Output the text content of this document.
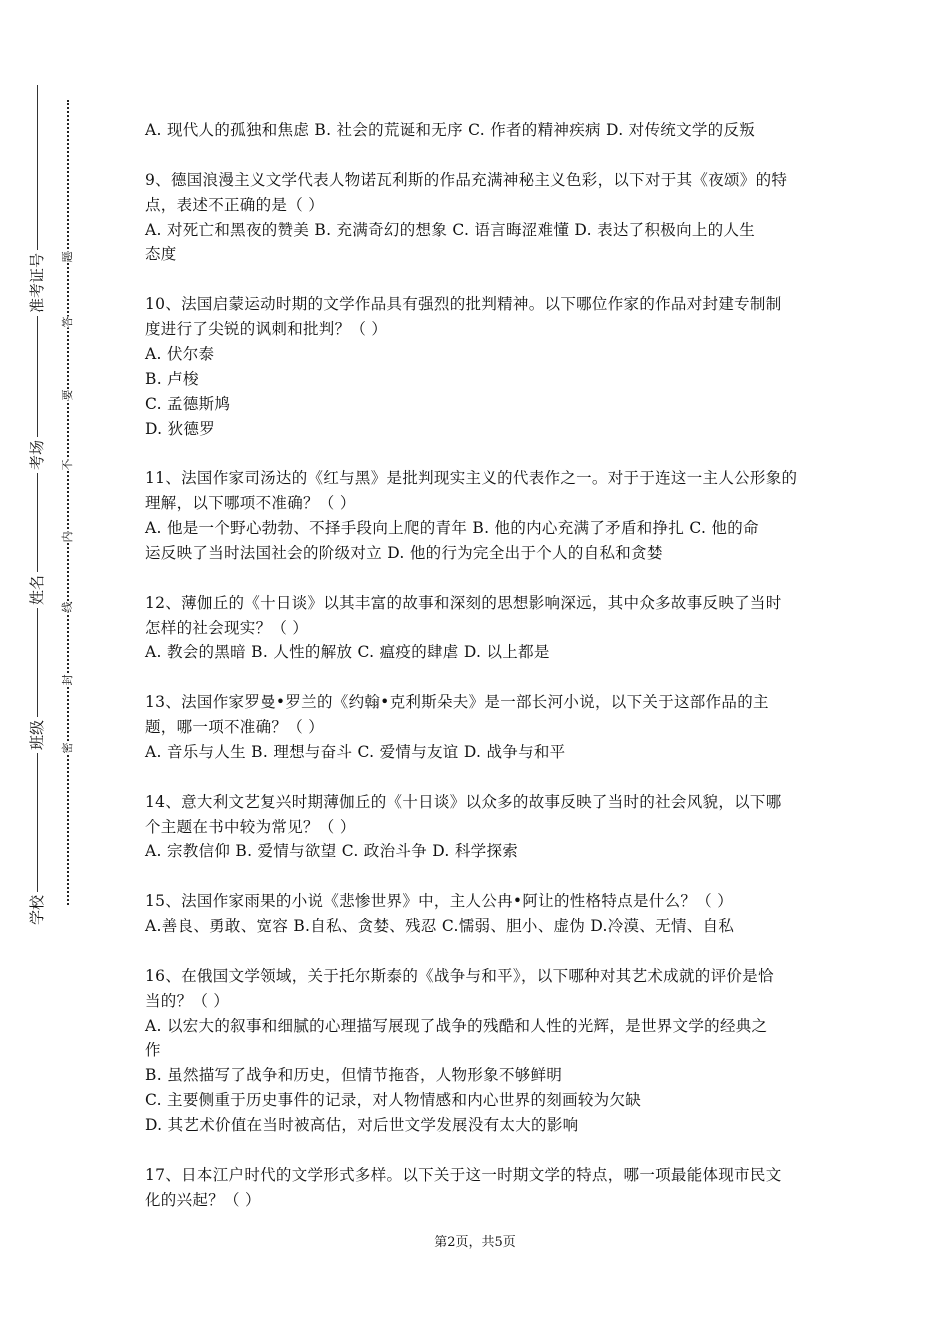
准考证号
考场
姓名
班级
学校
题
答
要
不
内
线
封
密
A. 现代人的孤独和焦虑 B. 社会的荒诞和无序 C. 作者的精神疾病 D. 对传统文学的反叛
9、德国浪漫主义文学代表人物诺瓦利斯的作品充满神秘主义色彩，以下对于其《夜颂》的特
点，表述不正确的是（ ）
A. 对死亡和黑夜的赞美 B. 充满奇幻的想象 C. 语言晦涩难懂 D. 表达了积极向上的人生
态度
10、法国启蒙运动时期的文学作品具有强烈的批判精神。以下哪位作家的作品对封建专制制
度进行了尖锐的讽刺和批判？（ ）
A. 伏尔泰
B. 卢梭
C. 孟德斯鸠
D. 狄德罗
11、法国作家司汤达的《红与黑》是批判现实主义的代表作之一。对于于连这一主人公形象的
理解，以下哪项不准确？（ ）
A. 他是一个野心勃勃、不择手段向上爬的青年 B. 他的内心充满了矛盾和挣扎 C. 他的命
运反映了当时法国社会的阶级对立 D. 他的行为完全出于个人的自私和贪婪
12、薄伽丘的《十日谈》以其丰富的故事和深刻的思想影响深远，其中众多故事反映了当时
怎样的社会现实？（ ）
A. 教会的黑暗 B. 人性的解放 C. 瘟疫的肆虐 D. 以上都是
13、法国作家罗曼•罗兰的《约翰•克利斯朵夫》是一部长河小说，以下关于这部作品的主
题，哪一项不准确？（ ）
A. 音乐与人生 B. 理想与奋斗 C. 爱情与友谊 D. 战争与和平
14、意大利文艺复兴时期薄伽丘的《十日谈》以众多的故事反映了当时的社会风貌，以下哪
个主题在书中较为常见？（ ）
A. 宗教信仰 B. 爱情与欲望 C. 政治斗争 D. 科学探索
15、法国作家雨果的小说《悲惨世界》中，主人公冉•阿让的性格特点是什么？（ ）
A.善良、勇敢、宽容 B.自私、贪婪、残忍 C.懦弱、胆小、虚伪 D.冷漠、无情、自私
16、在俄国文学领域，关于托尔斯泰的《战争与和平》，以下哪种对其艺术成就的评价是恰
当的？（ ）
A. 以宏大的叙事和细腻的心理描写展现了战争的残酷和人性的光辉，是世界文学的经典之
作
B. 虽然描写了战争和历史，但情节拖沓，人物形象不够鲜明
C. 主要侧重于历史事件的记录，对人物情感和内心世界的刻画较为欠缺
D. 其艺术价值在当时被高估，对后世文学发展没有太大的影响
17、日本江户时代的文学形式多样。以下关于这一时期文学的特点，哪一项最能体现市民文
化的兴起？（ ）
第2页，共5页
